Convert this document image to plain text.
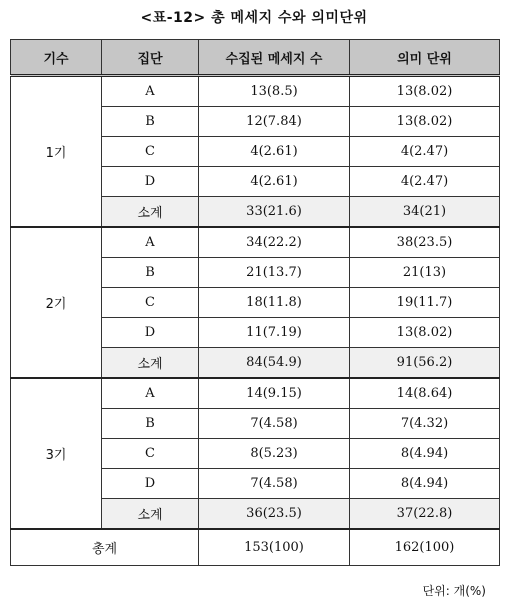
<표-12> 총 메세지 수와 의미단위
기수	집단	수집된 메세지 수	의미 단위
1기	A	13(8.5)	13(8.02)
	B	12(7.84)	13(8.02)
	C	4(2.61)	4(2.47)
	D	4(2.61)	4(2.47)
	소계	33(21.6)	34(21)
2기	A	34(22.2)	38(23.5)
	B	21(13.7)	21(13)
	C	18(11.8)	19(11.7)
	D	11(7.19)	13(8.02)
	소계	84(54.9)	91(56.2)
3기	A	14(9.15)	14(8.64)
	B	7(4.58)	7(4.32)
	C	8(5.23)	8(4.94)
	D	7(4.58)	8(4.94)
	소계	36(23.5)	37(22.8)
총계		153(100)	162(100)
단위: 개(%)
